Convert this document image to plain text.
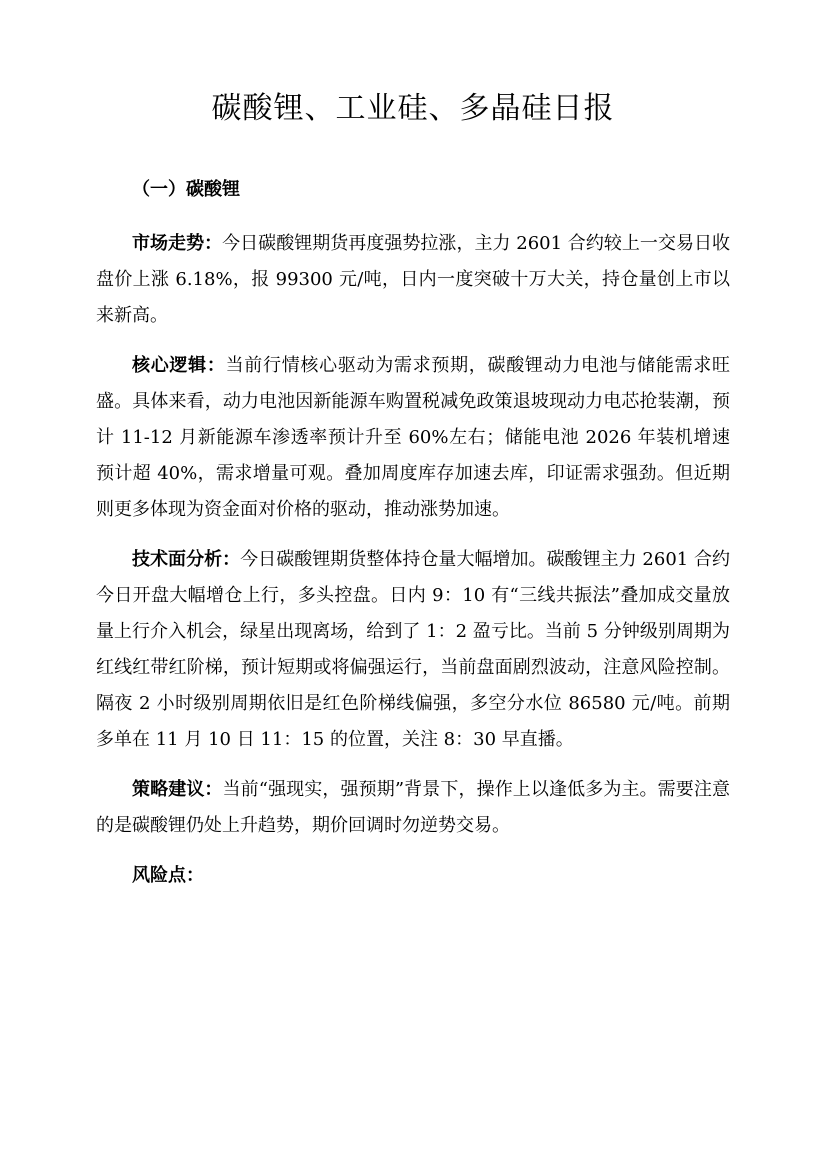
碳酸锂、工业硅、多晶硅日报
（一）碳酸锂

市场走势：今日碳酸锂期货再度强势拉涨，主力 2601 合约较上一交易日收盘价上涨 6.18%，报 99300 元/吨，日内一度突破十万大关，持仓量创上市以来新高。

核心逻辑：当前行情核心驱动为需求预期，碳酸锂动力电池与储能需求旺盛。具体来看，动力电池因新能源车购置税减免政策退坡现动力电芯抢装潮，预计 11-12 月新能源车渗透率预计升至 60%左右；储能电池 2026 年装机增速预计超 40%，需求增量可观。叠加周度库存加速去库，印证需求强劲。但近期则更多体现为资金面对价格的驱动，推动涨势加速。

技术面分析：今日碳酸锂期货整体持仓量大幅增加。碳酸锂主力 2601 合约今日开盘大幅增仓上行，多头控盘。日内 9：10 有“三线共振法”叠加成交量放量上行介入机会，绿星出现离场，给到了 1：2 盈亏比。当前 5 分钟级别周期为红线红带红阶梯，预计短期或将偏强运行，当前盘面剧烈波动，注意风险控制。隔夜 2 小时级别周期依旧是红色阶梯线偏强，多空分水位 86580 元/吨。前期多单在 11 月 10 日 11：15 的位置，关注 8：30 早直播。

策略建议：当前“强现实，强预期”背景下，操作上以逢低多为主。需要注意的是碳酸锂仍处上升趋势，期价回调时勿逆势交易。

风险点：
